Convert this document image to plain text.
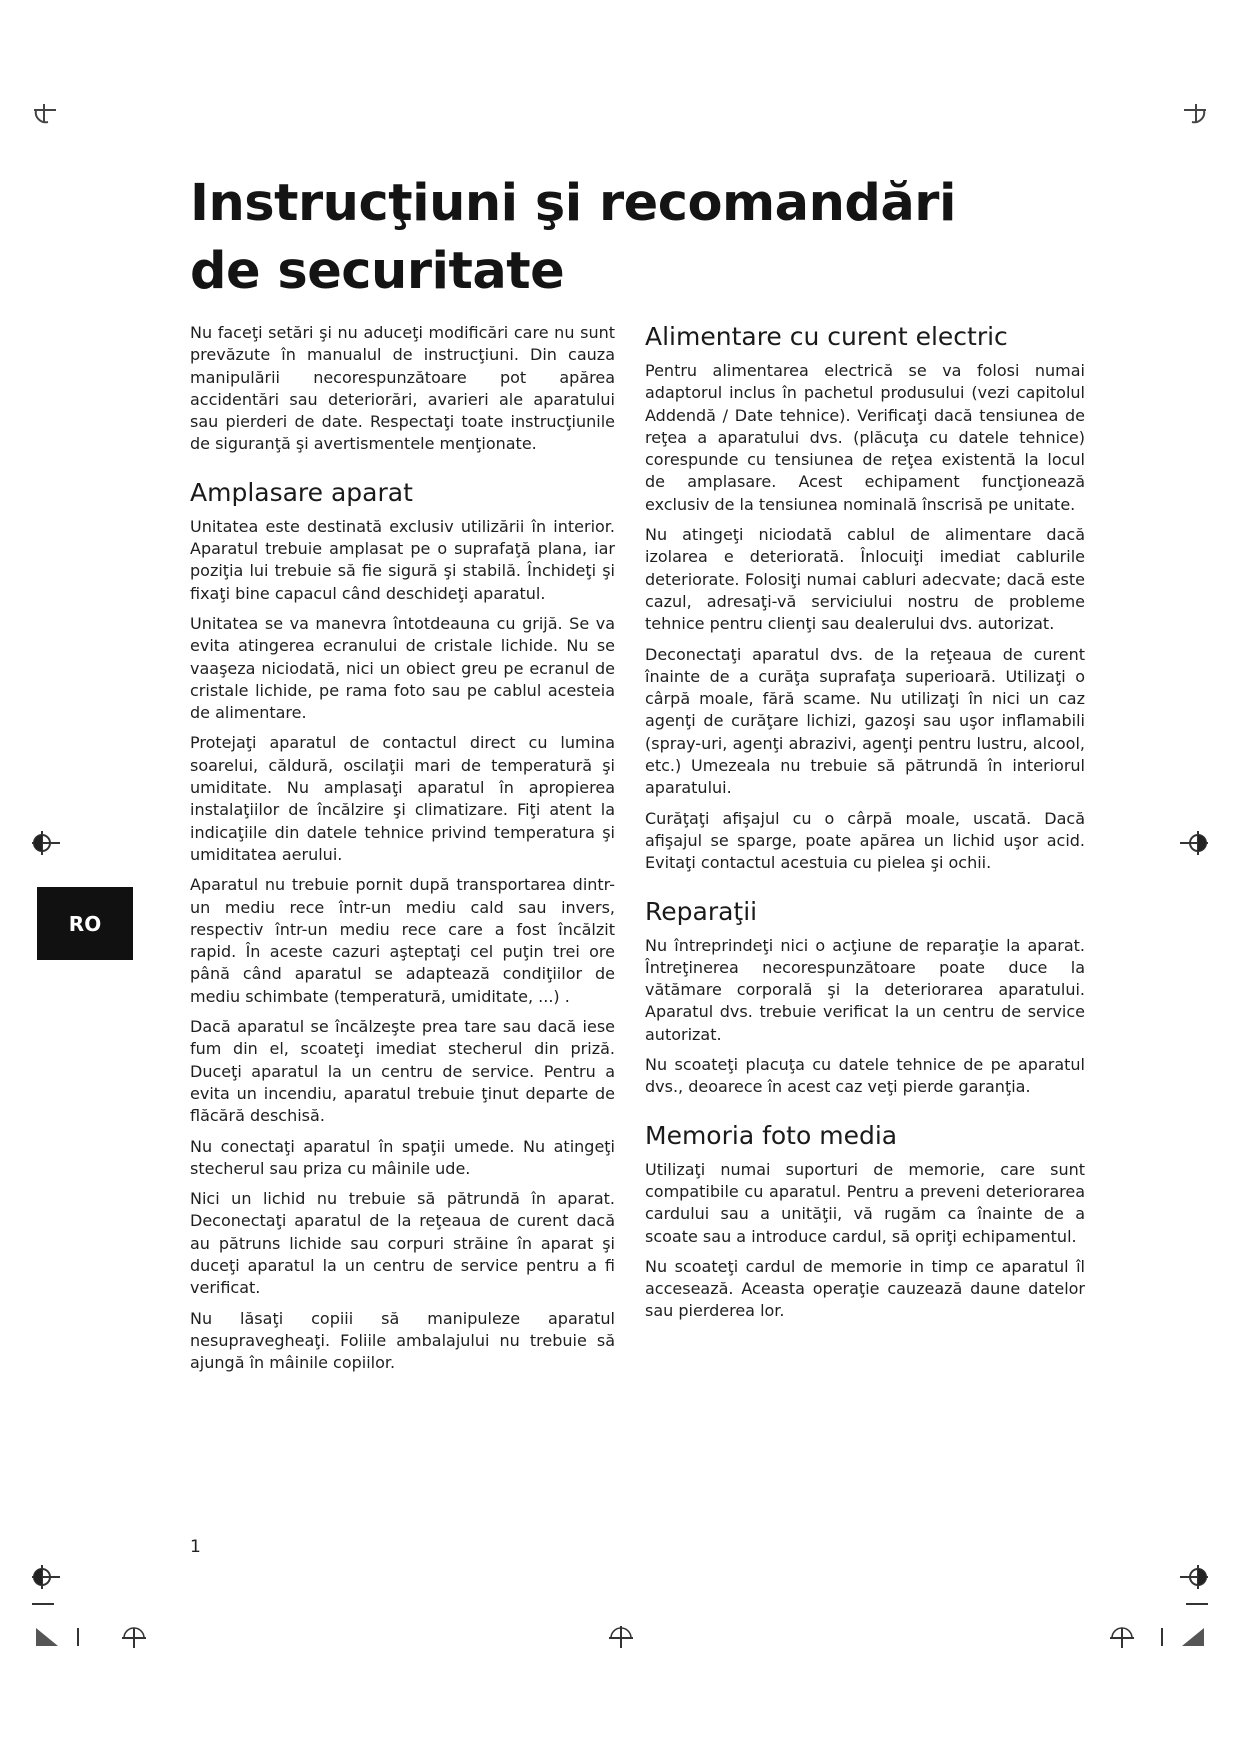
Instrucţiuni şi recomandări de securitate
RO

Nu faceţi setări şi nu aduceţi modificări care nu sunt prevăzute în manualul de instrucţiuni. Din cauza manipulării necorespunzătoare pot apărea accidentări sau deteriorări, avarieri ale aparatului sau pierderi de date. Respectaţi toate instrucţiunile de siguranţă şi avertismentele menţionate.

Amplasare aparat

Unitatea este destinată exclusiv utilizării în interior. Aparatul trebuie amplasat pe o suprafaţă plana, iar poziţia lui trebuie să fie sigură şi stabilă. Închideţi şi fixaţi bine capacul când deschideţi aparatul.

Unitatea se va manevra întotdeauna cu grijă. Se va evita atingerea ecranului de cristale lichide. Nu se vaaşeza niciodată, nici un obiect greu pe ecranul de cristale lichide, pe rama foto sau pe cablul acesteia de alimentare.

Protejaţi aparatul de contactul direct cu lumina soarelui, căldură, oscilaţii mari de temperatură şi umiditate. Nu amplasaţi aparatul în apropierea instalaţiilor de încălzire şi climatizare. Fiţi atent la indicaţiile din datele tehnice privind temperatura şi umiditatea aerului.

Aparatul nu trebuie pornit după transportarea dintr-un mediu rece într-un mediu cald sau invers, respectiv într-un mediu rece care a fost încălzit rapid. În aceste cazuri aşteptaţi cel puţin trei ore până când aparatul se adaptează condiţiilor de mediu schimbate (temperatură, umiditate, ...) .

Dacă aparatul se încălzeşte prea tare sau dacă iese fum din el, scoateţi imediat stecherul din priză. Duceţi aparatul la un centru de service. Pentru a evita un incendiu, aparatul trebuie ţinut departe de flăcără deschisă.

Nu conectaţi aparatul în spaţii umede. Nu atingeţi stecherul sau priza cu mâinile ude.

Nici un lichid nu trebuie să pătrundă în aparat. Deconectaţi aparatul de la reţeaua de curent dacă au pătruns lichide sau corpuri străine în aparat şi duceţi aparatul la un centru de service pentru a fi verificat.

Nu lăsaţi copiii să manipuleze aparatul nesupravegheaţi. Foliile ambalajului nu trebuie să ajungă în mâinile copiilor.

Alimentare cu curent electric

Pentru alimentarea electrică se va folosi numai adaptorul inclus în pachetul produsului (vezi capitolul Addendă / Date tehnice). Verificaţi dacă tensiunea de reţea a aparatului dvs. (plăcuţa cu datele tehnice) corespunde cu tensiunea de reţea existentă la locul de amplasare. Acest echipament funcţionează exclusiv de la tensiunea nominală înscrisă pe unitate.

Nu atingeţi niciodată cablul de alimentare dacă izolarea e deteriorată. Înlocuiţi imediat cablurile deteriorate. Folosiţi numai cabluri adecvate; dacă este cazul, adresaţi-vă serviciului nostru de probleme tehnice pentru clienţi sau dealerului dvs. autorizat.

Deconectaţi aparatul dvs. de la reţeaua de curent înainte de a curăţa suprafaţa superioară. Utilizaţi o cârpă moale, fără scame. Nu utilizaţi în nici un caz agenţi de curăţare lichizi, gazoşi sau uşor inflamabili (spray-uri, agenţi abrazivi, agenţi pentru lustru, alcool, etc.) Umezeala nu trebuie să pătrundă în interiorul aparatului.

Curăţaţi afişajul cu o cârpă moale, uscată. Dacă afişajul se sparge, poate apărea un lichid uşor acid. Evitaţi contactul acestuia cu pielea şi ochii.

Reparaţii

Nu întreprindeţi nici o acţiune de reparaţie la aparat. Întreţinerea necorespunzătoare poate duce la vătămare corporală şi la deteriorarea aparatului. Aparatul dvs. trebuie verificat la un centru de service autorizat.

Nu scoateţi placuţa cu datele tehnice de pe aparatul dvs., deoarece în acest caz veţi pierde garanţia.

Memoria foto media

Utilizaţi numai suporturi de memorie, care sunt compatibile cu aparatul. Pentru a preveni deteriorarea cardului sau a unităţii, vă rugăm ca înainte de a scoate sau a introduce cardul, să opriţi echipamentul.

Nu scoateţi cardul de memorie in timp ce aparatul îl accesează. Aceasta operaţie cauzează daune datelor sau pierderea lor.

1
